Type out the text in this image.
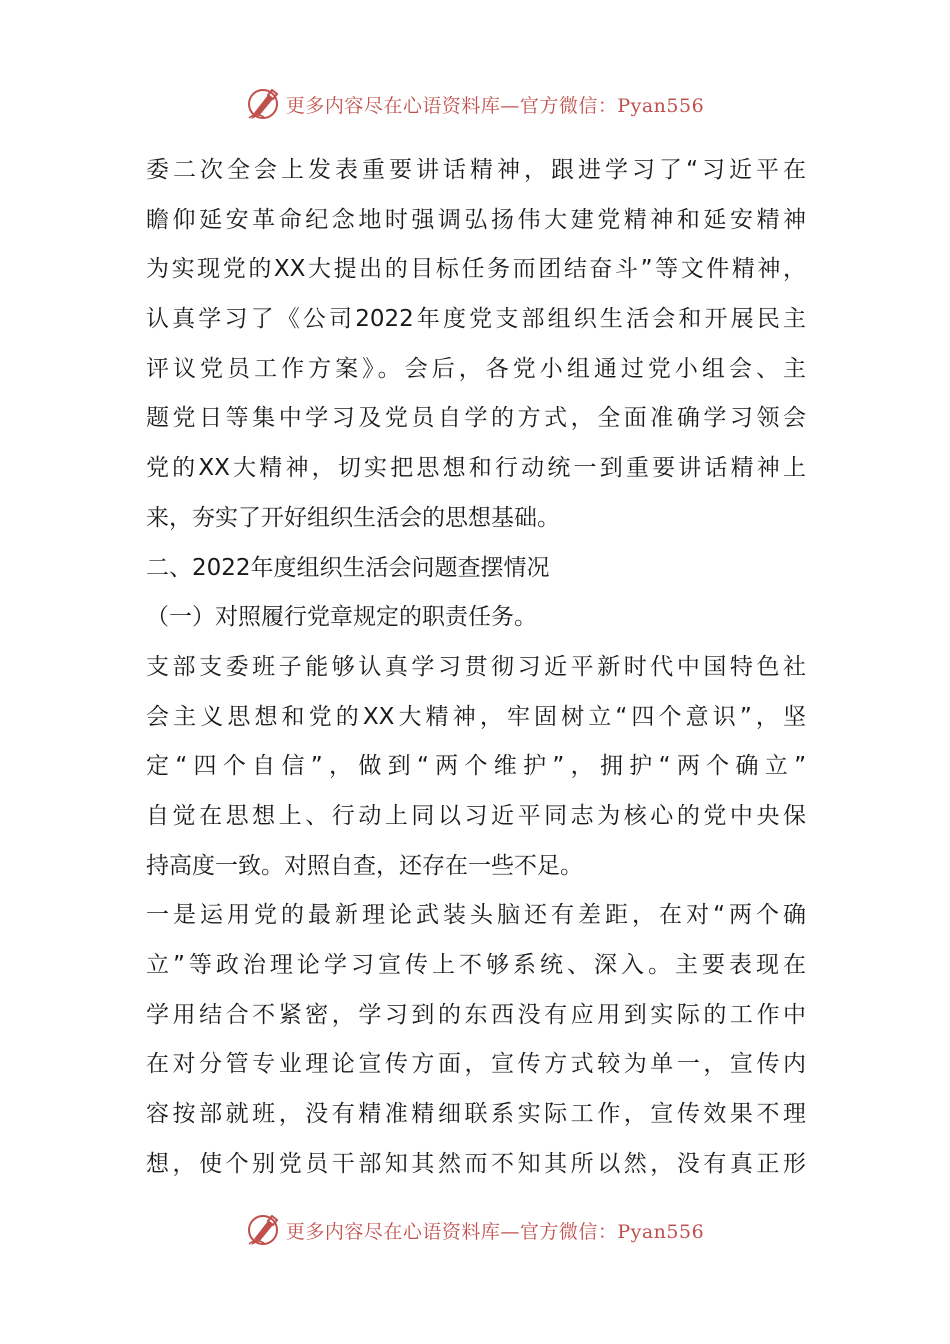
更多内容尽在心语资料库—官方微信：Pyan556
委二次全会上发表重要讲话精神，跟进学习了“习近平在
瞻仰延安革命纪念地时强调弘扬伟大建党精神和延安精神
为实现党的XX大提出的目标任务而团结奋斗”等文件精神，
认真学习了《公司2022年度党支部组织生活会和开展民主
评议党员工作方案》。会后，各党小组通过党小组会、主
题党日等集中学习及党员自学的方式，全面准确学习领会
党的XX大精神，切实把思想和行动统一到重要讲话精神上
来，夯实了开好组织生活会的思想基础。
二、2022年度组织生活会问题查摆情况
（一）对照履行党章规定的职责任务。
支部支委班子能够认真学习贯彻习近平新时代中国特色社
会主义思想和党的XX大精神，牢固树立“四个意识”，坚
定“四个自信”，做到“两个维护”，拥护“两个确立”
自觉在思想上、行动上同以习近平同志为核心的党中央保
持高度一致。对照自查，还存在一些不足。
一是运用党的最新理论武装头脑还有差距，在对“两个确
立”等政治理论学习宣传上不够系统、深入。主要表现在
学用结合不紧密，学习到的东西没有应用到实际的工作中
在对分管专业理论宣传方面，宣传方式较为单一，宣传内
容按部就班，没有精准精细联系实际工作，宣传效果不理
想，使个别党员干部知其然而不知其所以然，没有真正形
更多内容尽在心语资料库—官方微信：Pyan556
